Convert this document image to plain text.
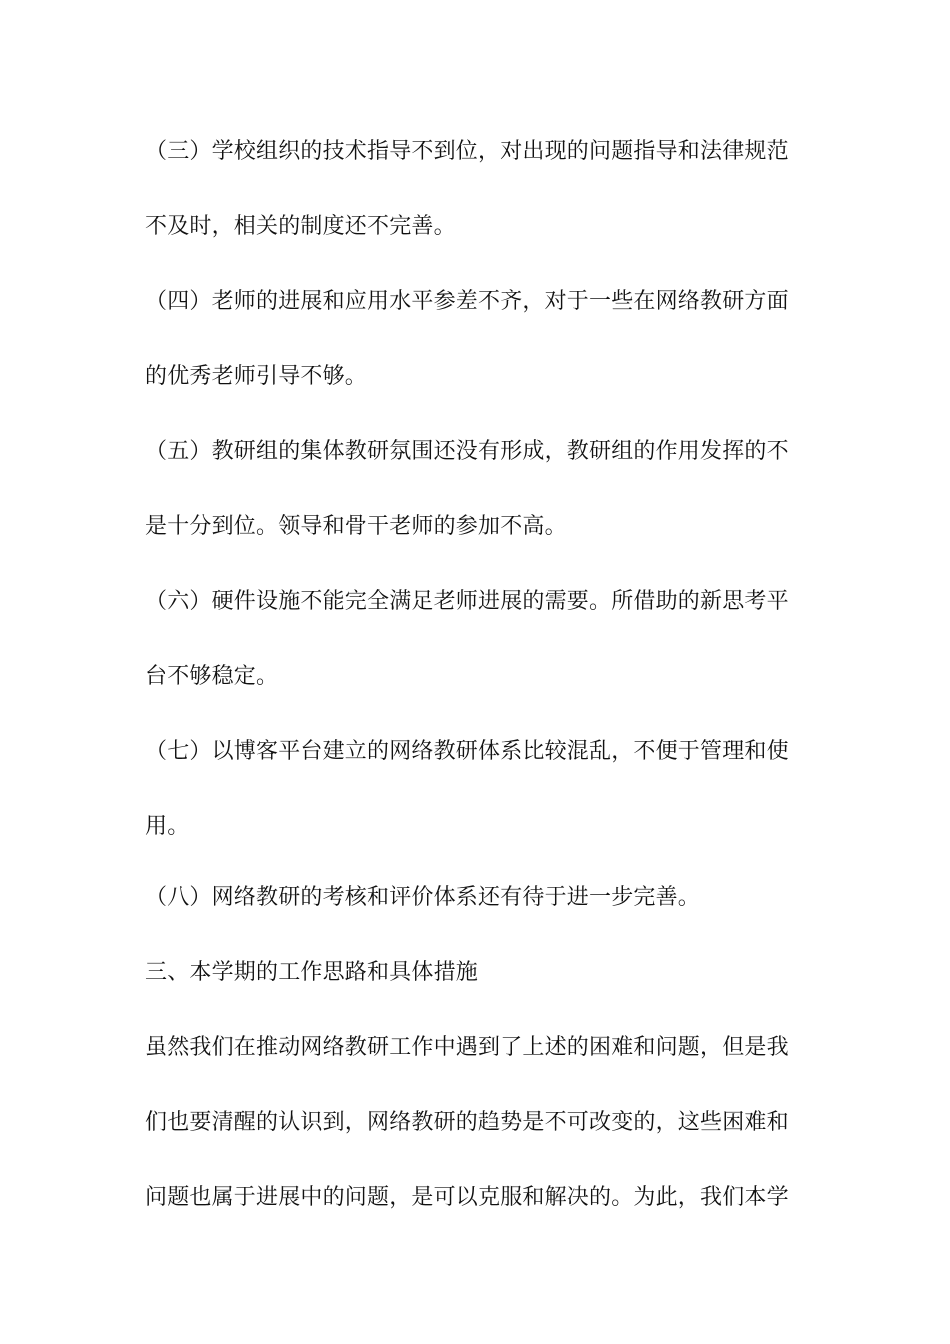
（三）学校组织的技术指导不到位，对出现的问题指导和法律规范
不及时，相关的制度还不完善。
（四）老师的进展和应用水平参差不齐，对于一些在网络教研方面
的优秀老师引导不够。
（五）教研组的集体教研氛围还没有形成，教研组的作用发挥的不
是十分到位。领导和骨干老师的参加不高。
（六）硬件设施不能完全满足老师进展的需要。所借助的新思考平
台不够稳定。
（七）以博客平台建立的网络教研体系比较混乱，不便于管理和使
用。
（八）网络教研的考核和评价体系还有待于进一步完善。
三、本学期的工作思路和具体措施
虽然我们在推动网络教研工作中遇到了上述的困难和问题，但是我
们也要清醒的认识到，网络教研的趋势是不可改变的，这些困难和
问题也属于进展中的问题，是可以克服和解决的。为此，我们本学
